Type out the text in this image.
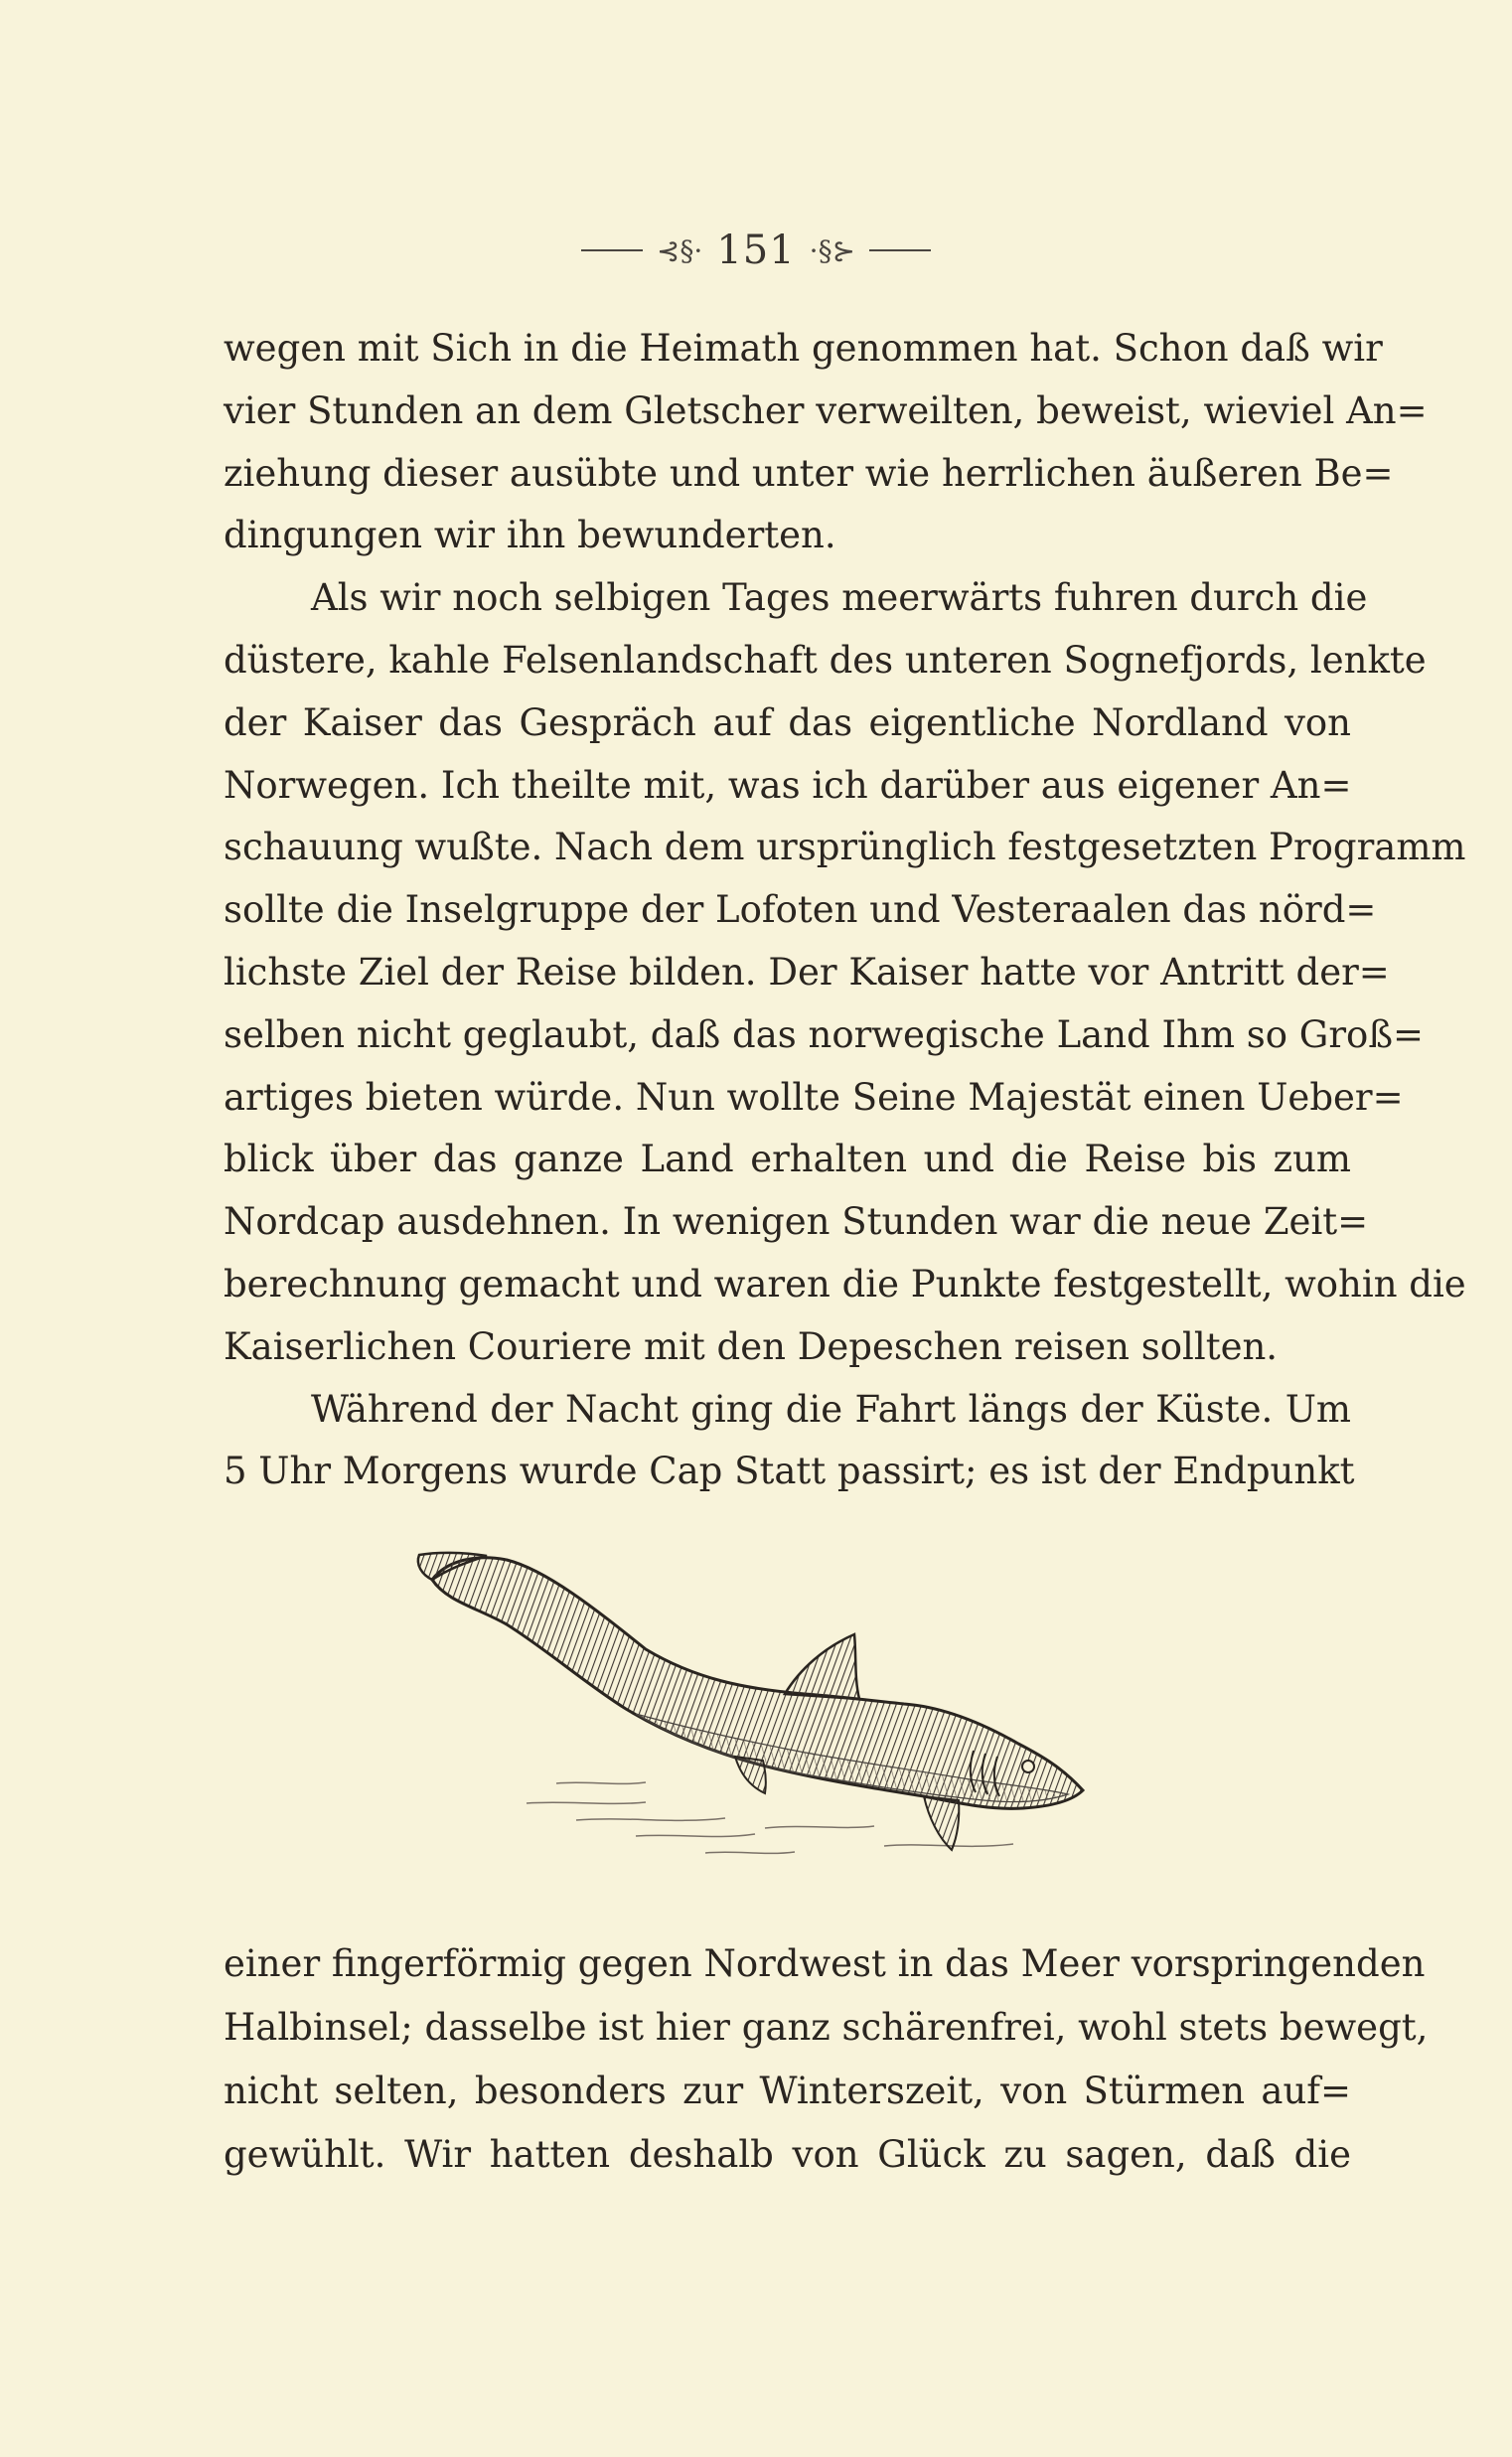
⊰§· 151 ·§⊱
wegen mit Sich in die Heimath genommen hat. Schon daß wir
vier Stunden an dem Gletscher verweilten, beweist, wieviel An=
ziehung dieser ausübte und unter wie herrlichen äußeren Be=
dingungen wir ihn bewunderten.
Als wir noch selbigen Tages meerwärts fuhren durch die
düstere, kahle Felsenlandschaft des unteren Sognefjords, lenkte
der Kaiser das Gespräch auf das eigentliche Nordland von
Norwegen. Ich theilte mit, was ich darüber aus eigener An=
schauung wußte. Nach dem ursprünglich festgesetzten Programm
sollte die Inselgruppe der Lofoten und Vesteraalen das nörd=
lichste Ziel der Reise bilden. Der Kaiser hatte vor Antritt der=
selben nicht geglaubt, daß das norwegische Land Ihm so Groß=
artiges bieten würde. Nun wollte Seine Majestät einen Ueber=
blick über das ganze Land erhalten und die Reise bis zum
Nordcap ausdehnen. In wenigen Stunden war die neue Zeit=
berechnung gemacht und waren die Punkte festgestellt, wohin die
Kaiserlichen Couriere mit den Depeschen reisen sollten.
Während der Nacht ging die Fahrt längs der Küste. Um
5 Uhr Morgens wurde Cap Statt passirt; es ist der Endpunkt
einer fingerförmig gegen Nordwest in das Meer vorspringenden
Halbinsel; dasselbe ist hier ganz schärenfrei, wohl stets bewegt,
nicht selten, besonders zur Winterszeit, von Stürmen auf=
gewühlt. Wir hatten deshalb von Glück zu sagen, daß die
